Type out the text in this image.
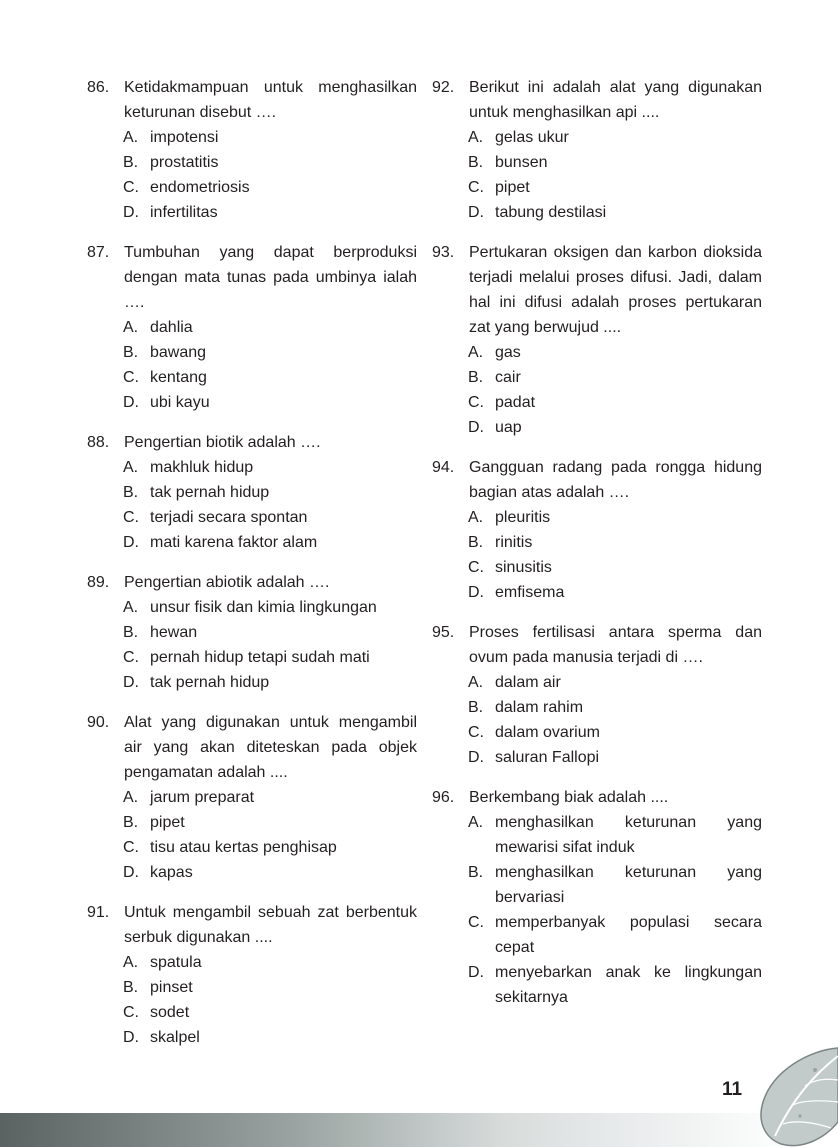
86. Ketidakmampuan untuk menghasilkan keturunan disebut ….
A. impotensi
B. prostatitis
C. endometriosis
D. infertilitas
87. Tumbuhan yang dapat berproduksi dengan mata tunas pada umbinya ialah ….
A. dahlia
B. bawang
C. kentang
D. ubi kayu
88. Pengertian biotik adalah ….
A. makhluk hidup
B. tak pernah hidup
C. terjadi secara spontan
D. mati karena faktor alam
89. Pengertian abiotik adalah ….
A. unsur fisik dan kimia lingkungan
B. hewan
C. pernah hidup tetapi sudah mati
D. tak pernah hidup
90. Alat yang digunakan untuk mengambil air yang akan diteteskan pada objek pengamatan adalah ....
A. jarum preparat
B. pipet
C. tisu atau kertas penghisap
D. kapas
91. Untuk mengambil sebuah zat berbentuk serbuk digunakan ....
A. spatula
B. pinset
C. sodet
D. skalpel
92. Berikut ini adalah alat yang digunakan untuk menghasilkan api ....
A. gelas ukur
B. bunsen
C. pipet
D. tabung destilasi
93. Pertukaran oksigen dan karbon dioksida terjadi melalui proses difusi. Jadi, dalam hal ini difusi adalah proses pertukaran zat yang berwujud ....
A. gas
B. cair
C. padat
D. uap
94. Gangguan radang pada rongga hidung bagian atas adalah ….
A. pleuritis
B. rinitis
C. sinusitis
D. emfisema
95. Proses fertilisasi antara sperma dan ovum pada manusia terjadi di ….
A. dalam air
B. dalam rahim
C. dalam ovarium
D. saluran Fallopi
96. Berkembang biak adalah ....
A. menghasilkan keturunan yang mewarisi sifat induk
B. menghasilkan keturunan yang bervariasi
C. memperbanyak populasi secara cepat
D. menyebarkan anak ke lingkungan sekitarnya
11
